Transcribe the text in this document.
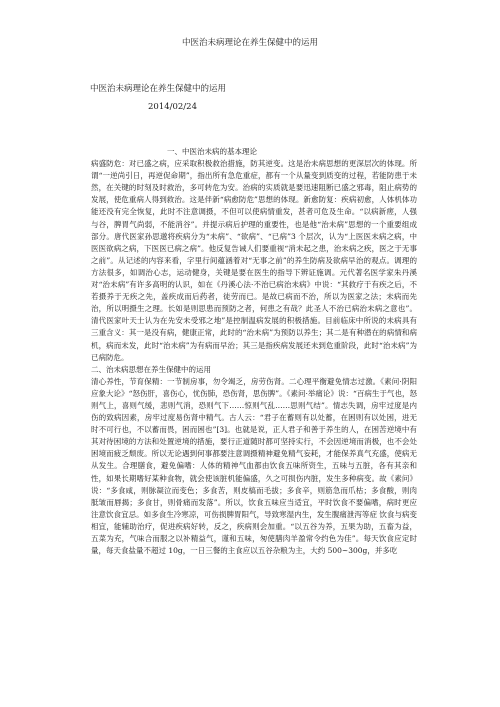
中医治未病理论在养生保健中的运用
中医治未病理论在养生保健中的运用
2014/02/24

一、中医治未病的基本理论

病盛防危：对已盛之病，应采取积极救治措施，防其逆变。这是治未病思想的更深层次的体现。所谓“一逆尚引日，再逆促命期”，指出所有急危重症，都有一个从量变到质变的过程，若能防患于未然，在关键的时刻及时救治，多可转危为安。治病的实质就是要迅速阻断已盛之邪毒，阻止病势的发展，使危重病人得到救治。这是伴新“病愈防危”思想的体现。新愈防复：疾病初愈，人体机体功能还没有完全恢复，此时不注意调摄，不但可以使病情重发，甚者可危及生命。“以病新瘥，人强与谷，脾胃气尚弱，不能消谷”。并提示病后护理的重要性，也是他“治未病”思想的一个重要组成部分。唐代医家孙思邈将疾病分为“未病”、“欲病”、“已病”3 个层次，认为“上医医未病之病，中医医欲病之病，下医医已病之病”。他反复告诫人们要重视“消未起之患，治未病之疾，医之于无事之前”。从记述的内容来看，字里行间蕴涵着对“无事之前”的养生防病及欲病早治的观点。调理的方法很多，如调治心志，运动健身，关键是要在医生的指导下辨证施调。元代著名医学家朱丹溪对“治未病”有许多高明的认识，如在《丹溪心法·不治已病治未病》中说：“其救疗于有疾之后，不若摄养于无疾之先，盖疾成而后药者，徒劳而已。是故已病而不治，所以为医家之法；未病而先治，所以明摄生之理。长如是则思患而预防之者，何患之有哉？此圣人不治已病治未病之意也”。清代医家叶天士认为在先安未受邪之地”是控制温病发展的积极措施。目前临床中所说的未病具有三重含义：其一是没有病，健康正常，此时的“治未病”为预防以养生；其二是有种潜在的病情和病机，病而未发，此时“治未病”为有病而早治；其三是指疾病发展还未到危重阶段，此时“治未病”为已病防危。

二、治未病思想在养生保健中的运用

清心养性，节育保精：一节制房事，勿令竭乏，房劳伤肾。二心理平衡避免情志过激。《素问·阴阳应象大论》“怒伤肝，喜伤心，忧伤肺，恐伤肾，思伤脾”。《素问·举痛论》说：“百病生于气也，怒则气上，喜则气缓，悲则气消，恐则气下……惊则气乱……思则气结”。情志失调，房牢过度是内伤的致病因素，房牢过度易伤肾中精气。古人云：“君子在蓄则有以处蓄，在困则有以处困，进无时不可行也，不以蓄而畏，困而困也”[3]。也就是说，正人君子和善于养生的人，在困苦逆境中有其对待困境的方法和处置逆境的措施，要行正道随时都可坚持实行，不会因逆境而消极，也不会处困境而疲乏颓废。所以无论遇到何事都要注意调摄精神避免精气妄耗，才能保养真气充盛，使病无从发生。合理膳食，避免偏嗜：人体的精神气血都由饮食五味所资生，五味与五脏，各有其亲和性，如果长期嗜好某种食物，就会使该脏机能偏盛，久之可损伤内脏，发生多种病变。故《素问》说：“多食咸，则脉凝泣而变色；多食苦，则皮槁而毛拔；多食辛，则筋急而爪枯；多食酸，则肉胝皱而唇揭；多食甘，则骨痛而发落”。所以，饮食五味应当适宜，平时饮食不要偏嗜，病时更应注意饮食宜忌。如多食生冷寒凉，可伤损脾胃阳气，导致寒湿内生，发生腹痛泄泻等症 饮食与病变相宜，能辅助治疗，促进疾病好转，反之，疾病则会加重。“以五谷为养，五果为助，五畜为益，五菜为充，气味合而服之以补精益气，谨和五味，匆使膳肉羊盈常令约色为佳”。每天饮食应定时量，每天食盐量不超过 10g，一日三餐的主食应以五谷杂粮为主，大约 500~300g，并多吃
